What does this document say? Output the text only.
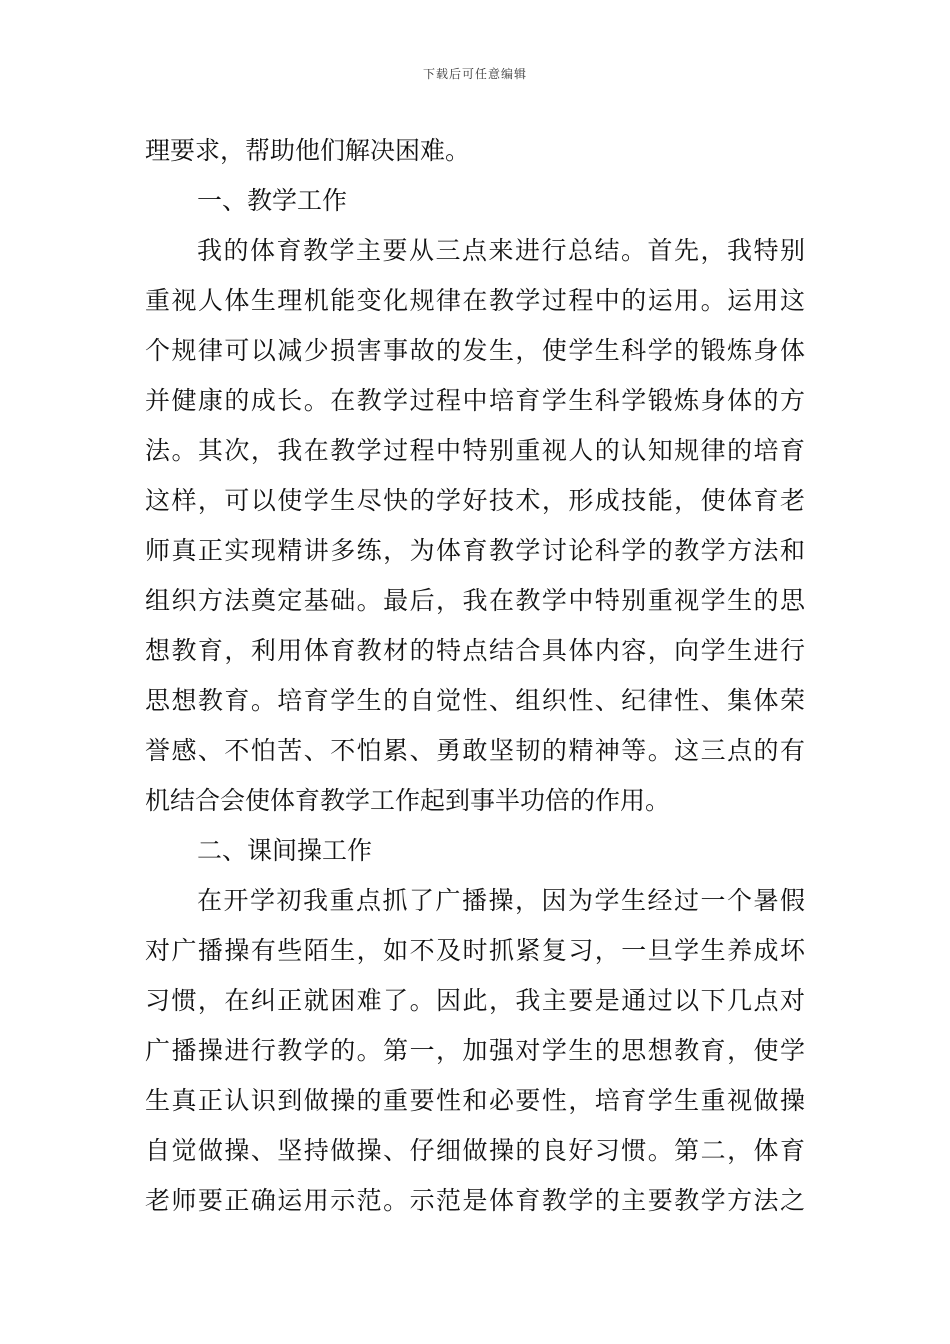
下载后可任意编辑
理要求，帮助他们解决困难。
一、教学工作
我的体育教学主要从三点来进行总结。首先，我特别
重视人体生理机能变化规律在教学过程中的运用。运用这
个规律可以减少损害事故的发生，使学生科学的锻炼身体
并健康的成长。在教学过程中培育学生科学锻炼身体的方
法。其次，我在教学过程中特别重视人的认知规律的培育
这样，可以使学生尽快的学好技术，形成技能，使体育老
师真正实现精讲多练，为体育教学讨论科学的教学方法和
组织方法奠定基础。最后，我在教学中特别重视学生的思
想教育，利用体育教材的特点结合具体内容，向学生进行
思想教育。培育学生的自觉性、组织性、纪律性、集体荣
誉感、不怕苦、不怕累、勇敢坚韧的精神等。这三点的有
机结合会使体育教学工作起到事半功倍的作用。
二、课间操工作
在开学初我重点抓了广播操，因为学生经过一个暑假
对广播操有些陌生，如不及时抓紧复习，一旦学生养成坏
习惯，在纠正就困难了。因此，我主要是通过以下几点对
广播操进行教学的。第一，加强对学生的思想教育，使学
生真正认识到做操的重要性和必要性，培育学生重视做操
自觉做操、坚持做操、仔细做操的良好习惯。第二，体育
老师要正确运用示范。示范是体育教学的主要教学方法之
